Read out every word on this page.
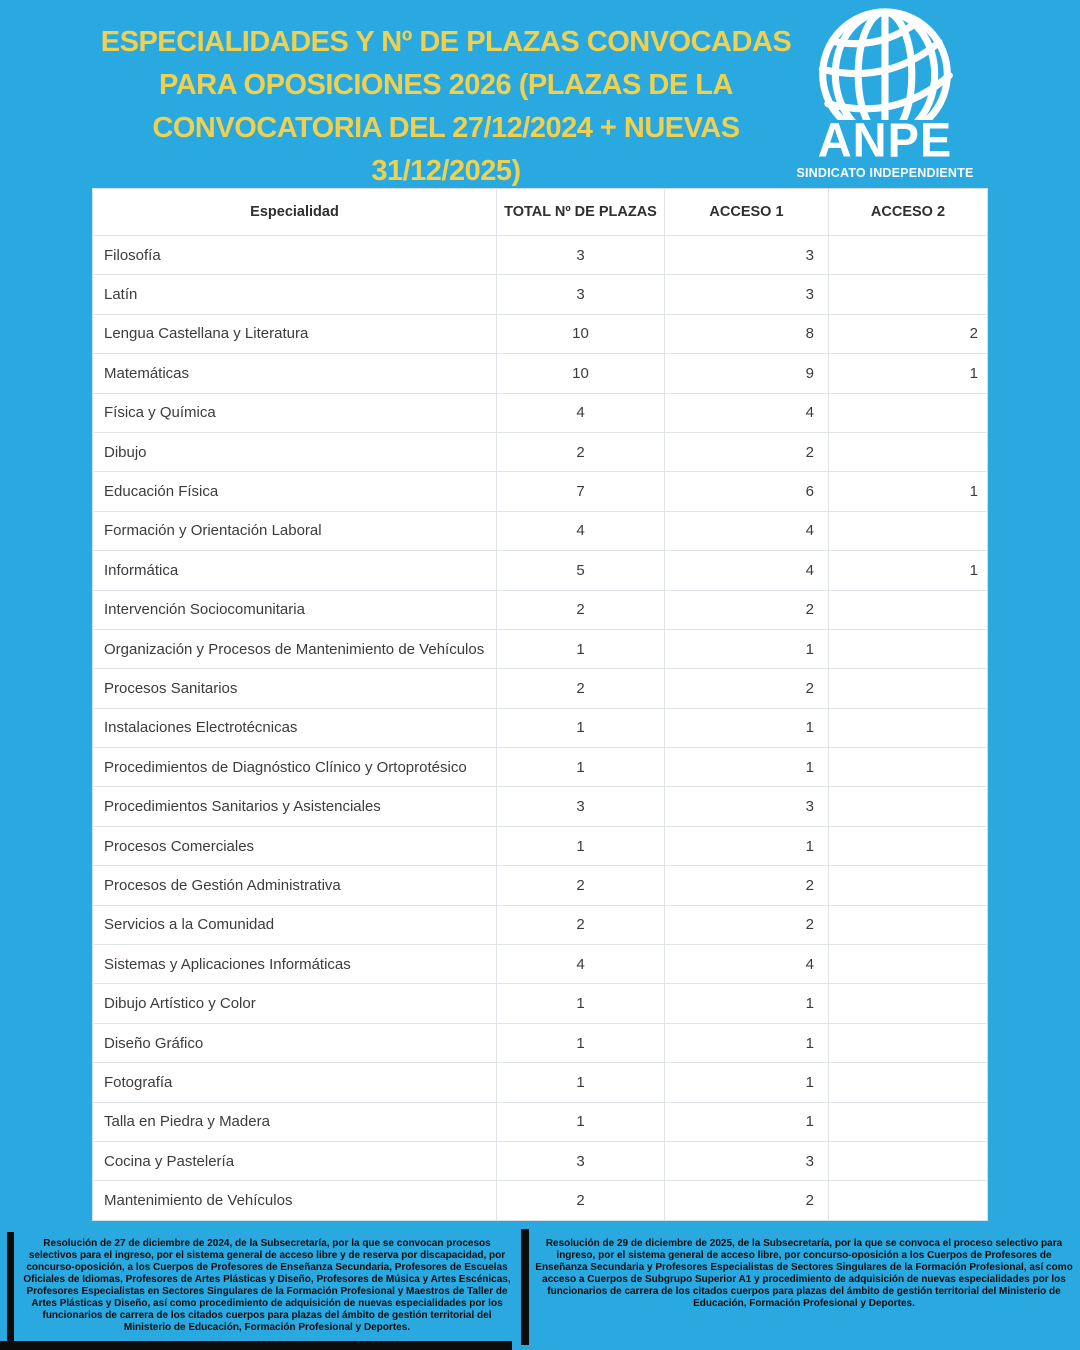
ESPECIALIDADES Y Nº DE PLAZAS CONVOCADAS
PARA OPOSICIONES 2026 (PLAZAS DE LA
CONVOCATORIA DEL 27/12/2024 + NUEVAS
31/12/2025)
ANPE
SINDICATO INDEPENDIENTE
Especialidad	TOTAL Nº DE PLAZAS	ACCESO 1	ACCESO 2
Filosofía	3	3
Latín	3	3
Lengua Castellana y Literatura	10	8	2
Matemáticas	10	9	1
Física y Química	4	4
Dibujo	2	2
Educación Física	7	6	1
Formación y Orientación Laboral	4	4
Informática	5	4	1
Intervención Sociocomunitaria	2	2
Organización y Procesos de Mantenimiento de Vehículos	1	1
Procesos Sanitarios	2	2
Instalaciones Electrotécnicas	1	1
Procedimientos de Diagnóstico Clínico y Ortoprotésico	1	1
Procedimientos Sanitarios y Asistenciales	3	3
Procesos Comerciales	1	1
Procesos de Gestión Administrativa	2	2
Servicios a la Comunidad	2	2
Sistemas y Aplicaciones Informáticas	4	4
Dibujo Artístico y Color	1	1
Diseño Gráfico	1	1
Fotografía	1	1
Talla en Piedra y Madera	1	1
Cocina y Pastelería	3	3
Mantenimiento de Vehículos	2	2
Resolución de 27 de diciembre de 2024, de la Subsecretaría, por la que se convocan procesos selectivos para el ingreso, por el sistema general de acceso libre y de reserva por discapacidad, por concurso-oposición, a los Cuerpos de Profesores de Enseñanza Secundaria, Profesores de Escuelas Oficiales de Idiomas, Profesores de Artes Plásticas y Diseño, Profesores de Música y Artes Escénicas, Profesores Especialistas en Sectores Singulares de la Formación Profesional y Maestros de Taller de Artes Plásticas y Diseño, así como procedimiento de adquisición de nuevas especialidades por los funcionarios de carrera de los citados cuerpos para plazas del ámbito de gestión territorial del Ministerio de Educación, Formación Profesional y Deportes.
Resolución de 29 de diciembre de 2025, de la Subsecretaría, por la que se convoca el proceso selectivo para ingreso, por el sistema general de acceso libre, por concurso-oposición a los Cuerpos de Profesores de Enseñanza Secundaria y Profesores Especialistas de Sectores Singulares de la Formación Profesional, así como acceso a Cuerpos de Subgrupo Superior A1 y procedimiento de adquisición de nuevas especialidades por los funcionarios de carrera de los citados cuerpos para plazas del ámbito de gestión territorial del Ministerio de Educación, Formación Profesional y Deportes.
